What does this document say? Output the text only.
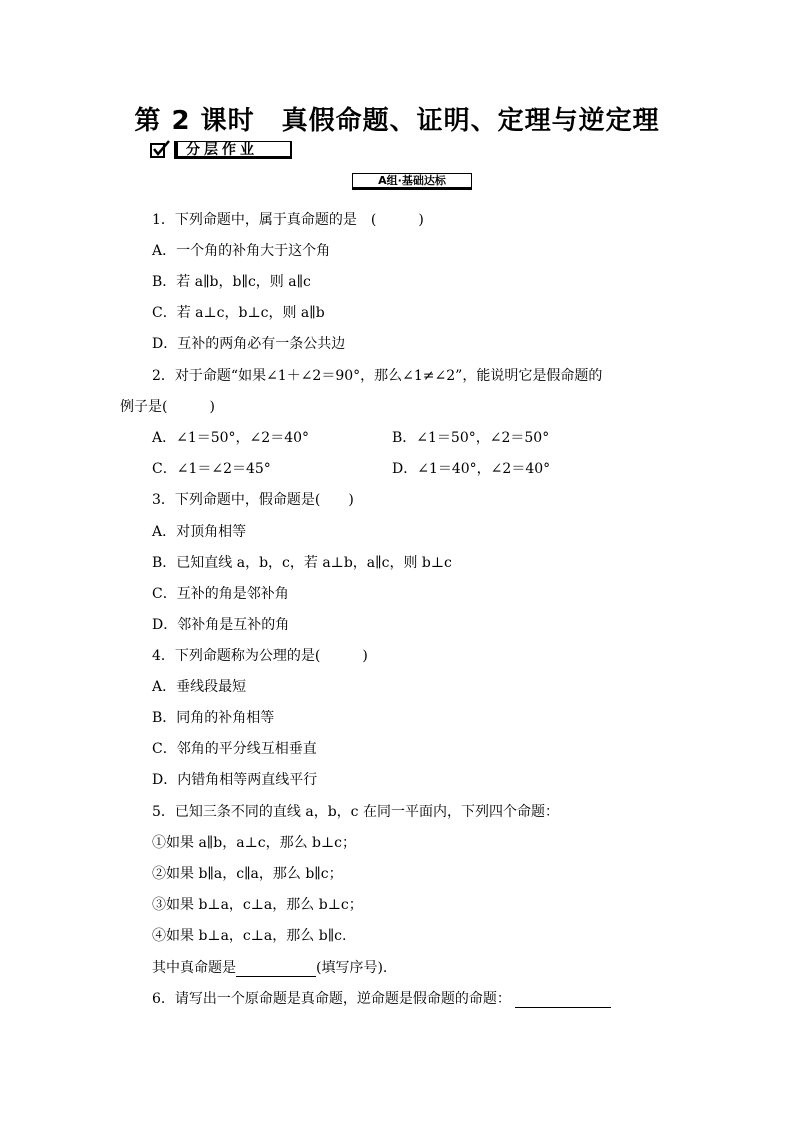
第 2 课时　真假命题、证明、定理与逆定理
分层作业
A组·基础达标
1．下列命题中，属于真命题的是　(　　　)
A．一个角的补角大于这个角
B．若 a∥b，b∥c，则 a∥c
C．若 a⊥c，b⊥c，则 a∥b
D．互补的两角必有一条公共边
2．对于命题“如果∠1＋∠2＝90°，那么∠1≠∠2”，能说明它是假命题的
例子是(　　　)
A．∠1＝50°，∠2＝40°	B．∠1＝50°，∠2＝50°
C．∠1＝∠2＝45°	D．∠1＝40°，∠2＝40°
3．下列命题中，假命题是(　　)
A．对顶角相等
B．已知直线 a，b，c，若 a⊥b，a∥c，则 b⊥c
C．互补的角是邻补角
D．邻补角是互补的角
4．下列命题称为公理的是(　　　)
A．垂线段最短
B．同角的补角相等
C．邻角的平分线互相垂直
D．内错角相等两直线平行
5．已知三条不同的直线 a，b，c 在同一平面内，下列四个命题：
①如果 a∥b，a⊥c，那么 b⊥c；
②如果 b∥a，c∥a，那么 b∥c；
③如果 b⊥a，c⊥a，那么 b⊥c；
④如果 b⊥a，c⊥a，那么 b∥c.
其中真命题是	(填写序号).
6．请写出一个原命题是真命题，逆命题是假命题的命题：
